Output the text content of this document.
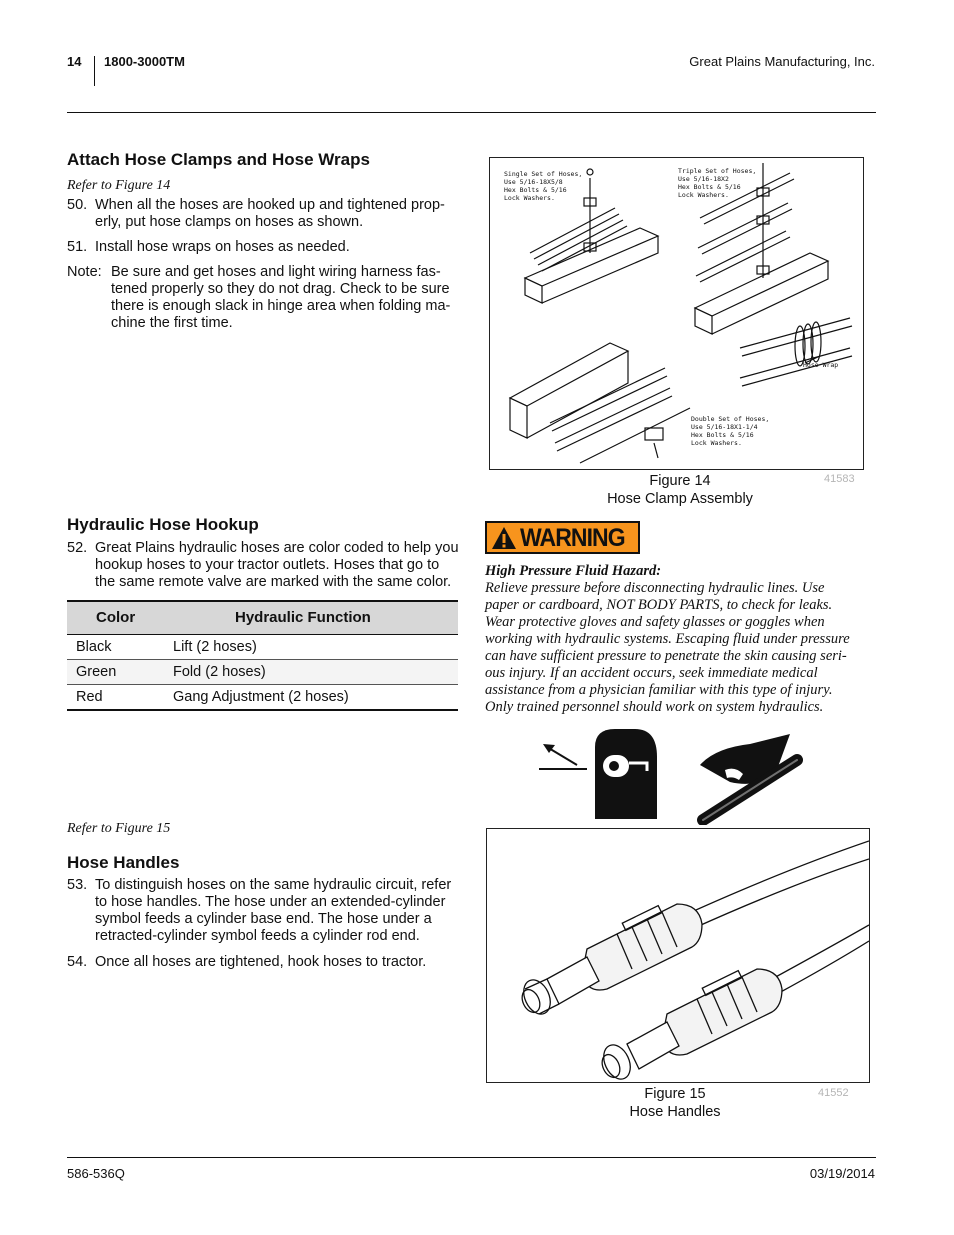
14 1800-3000TM	Great Plains Manufacturing, Inc.
Attach Hose Clamps and Hose Wraps
Refer to Figure 14
50. When all the hoses are hooked up and tightened prop-
erly, put hose clamps on hoses as shown.
51. Install hose wraps on hoses as needed.
Note: Be sure and get hoses and light wiring harness fas-
tened properly so they do not drag. Check to be sure
there is enough slack in hinge area when folding ma-
chine the first time.
Single Set of Hoses,
Use 5/16-18X5/8
Hex Bolts & 5/16
Lock Washers.
Triple Set of Hoses,
Use 5/16-18X2
Hex Bolts & 5/16
Lock Washers.
Hose Wrap
Double Set of Hoses,
Use 5/16-18X1-1/4
Hex Bolts & 5/16
Lock Washers.
Figure 14
Hose Clamp Assembly
41583
Hydraulic Hose Hookup
52. Great Plains hydraulic hoses are color coded to help you
hookup hoses to your tractor outlets. Hoses that go to
the same remote valve are marked with the same color.
Color	Hydraulic Function
Black	Lift (2 hoses)
Green	Fold (2 hoses)
Red	Gang Adjustment (2 hoses)
WARNING
High Pressure Fluid Hazard:
Relieve pressure before disconnecting hydraulic lines. Use
paper or cardboard, NOT BODY PARTS, to check for leaks.
Wear protective gloves and safety glasses or goggles when
working with hydraulic systems. Escaping fluid under pressure
can have sufficient pressure to penetrate the skin causing seri-
ous injury. If an accident occurs, seek immediate medical
assistance from a physician familiar with this type of injury.
Only trained personnel should work on system hydraulics.
Refer to Figure 15
Hose Handles
53. To distinguish hoses on the same hydraulic circuit, refer
to hose handles. The hose under an extended-cylinder
symbol feeds a cylinder base end. The hose under a
retracted-cylinder symbol feeds a cylinder rod end.
54. Once all hoses are tightened, hook hoses to tractor.
Figure 15
Hose Handles
41552
586-536Q	03/19/2014
